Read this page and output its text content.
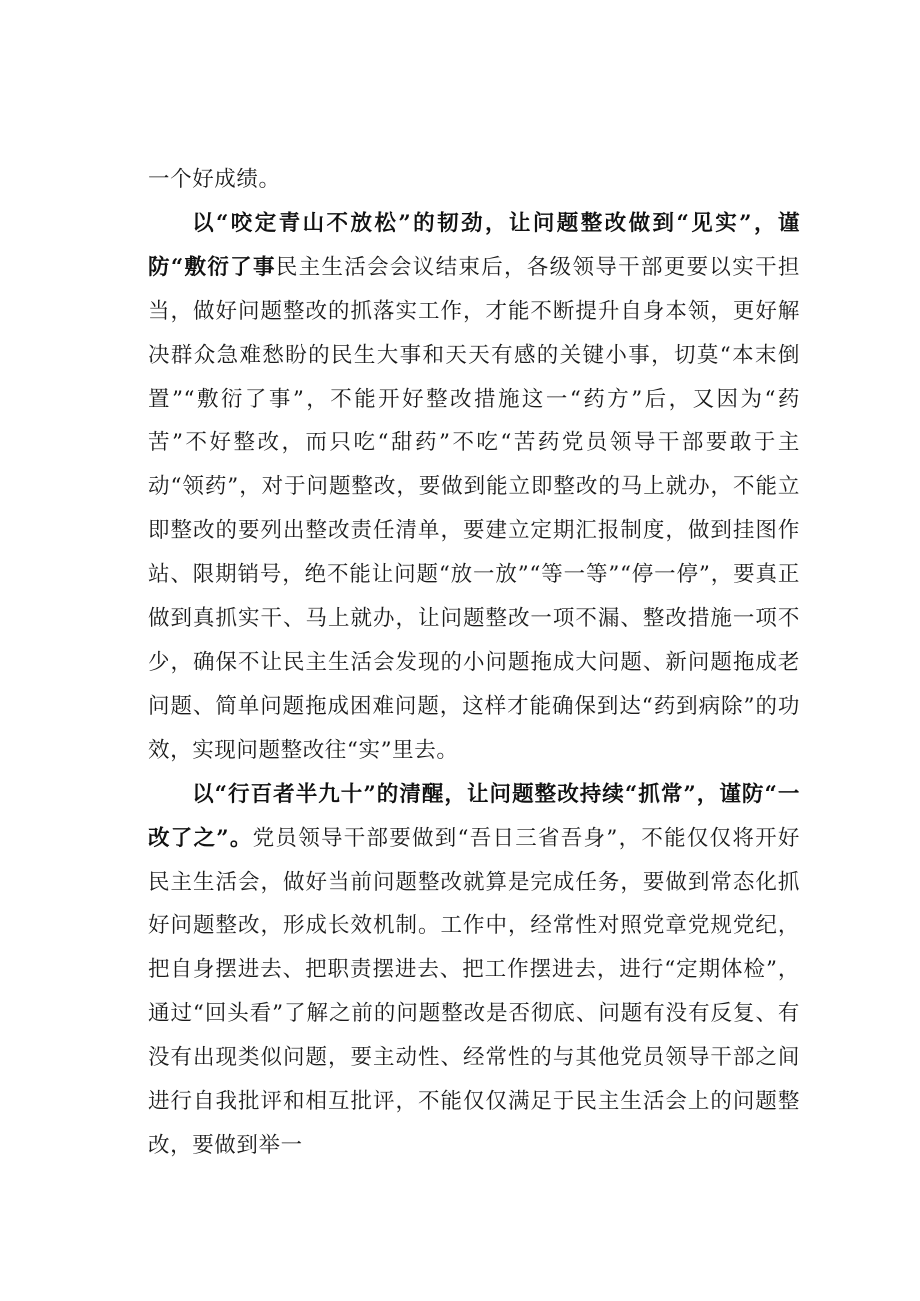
一个好成绩。

以“咬定青山不放松”的韧劲，让问题整改做到“见实”，谨防“敷衍了事民主生活会会议结束后，各级领导干部更要以实干担当，做好问题整改的抓落实工作，才能不断提升自身本领，更好解决群众急难愁盼的民生大事和天天有感的关键小事，切莫“本末倒置”“敷衍了事”，不能开好整改措施这一“药方”后，又因为“药苦”不好整改，而只吃“甜药”不吃“苦药党员领导干部要敢于主动“领药”，对于问题整改，要做到能立即整改的马上就办，不能立即整改的要列出整改责任清单，要建立定期汇报制度，做到挂图作站、限期销号，绝不能让问题“放一放”“等一等”“停一停”，要真正做到真抓实干、马上就办，让问题整改一项不漏、整改措施一项不少，确保不让民主生活会发现的小问题拖成大问题、新问题拖成老问题、简单问题拖成困难问题，这样才能确保到达“药到病除”的功效，实现问题整改往“实”里去。

以“行百者半九十”的清醒，让问题整改持续“抓常”，谨防“一改了之”。党员领导干部要做到“吾日三省吾身”，不能仅仅将开好民主生活会，做好当前问题整改就算是完成任务，要做到常态化抓好问题整改，形成长效机制。工作中，经常性对照党章党规党纪，把自身摆进去、把职责摆进去、把工作摆进去，进行“定期体检”，通过“回头看”了解之前的问题整改是否彻底、问题有没有反复、有没有出现类似问题，要主动性、经常性的与其他党员领导干部之间进行自我批评和相互批评，不能仅仅满足于民主生活会上的问题整改，要做到举一
